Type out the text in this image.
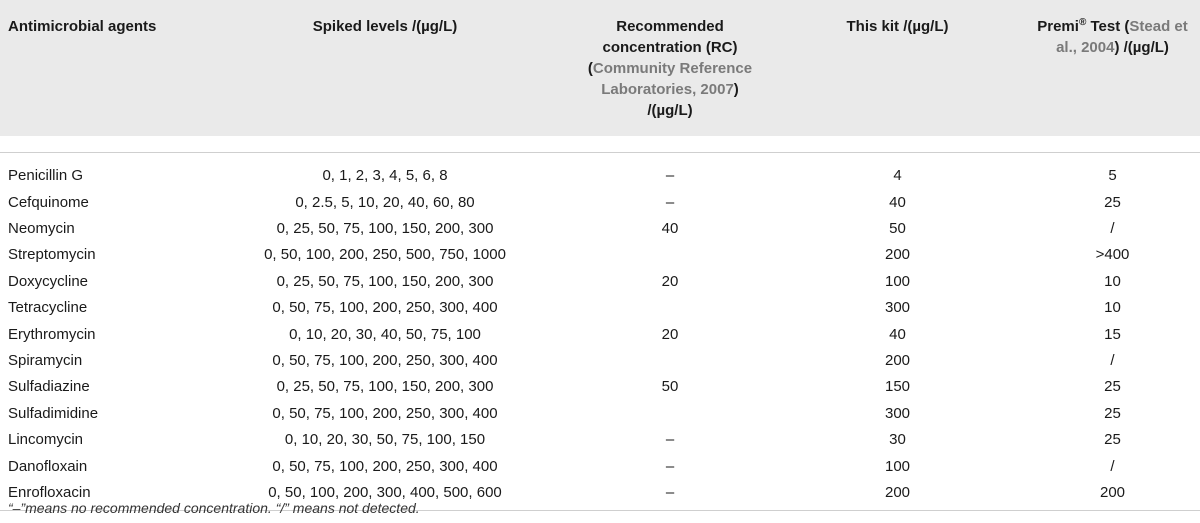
Antimicrobial agents	Spiked levels /(µg/L)	Recommended concentration (RC)
(Community Reference Laboratories, 2007)
/(µg/L)	This kit /(µg/L)	Premi® Test (Stead et al., 2004) /(µg/L)
Penicillin G	0, 1, 2, 3, 4, 5, 6, 8	–	4	5
Cefquinome	0, 2.5, 5, 10, 20, 40, 60, 80	–	40	25
Neomycin	0, 25, 50, 75, 100, 150, 200, 300	40	50	/
Streptomycin	0, 50, 100, 200, 250, 500, 750, 1000		200	>400
Doxycycline	0, 25, 50, 75, 100, 150, 200, 300	20	100	10
Tetracycline	0, 50, 75, 100, 200, 250, 300, 400		300	10
Erythromycin	0, 10, 20, 30, 40, 50, 75, 100	20	40	15
Spiramycin	0, 50, 75, 100, 200, 250, 300, 400		200	/
Sulfadiazine	0, 25, 50, 75, 100, 150, 200, 300	50	150	25
Sulfadimidine	0, 50, 75, 100, 200, 250, 300, 400		300	25
Lincomycin	0, 10, 20, 30, 50, 75, 100, 150	–	30	25
Danofloxain	0, 50, 75, 100, 200, 250, 300, 400	–	100	/
Enrofloxacin	0, 50, 100, 200, 300, 400, 500, 600	–	200	200
“–”means no recommended concentration. “/” means not detected.
